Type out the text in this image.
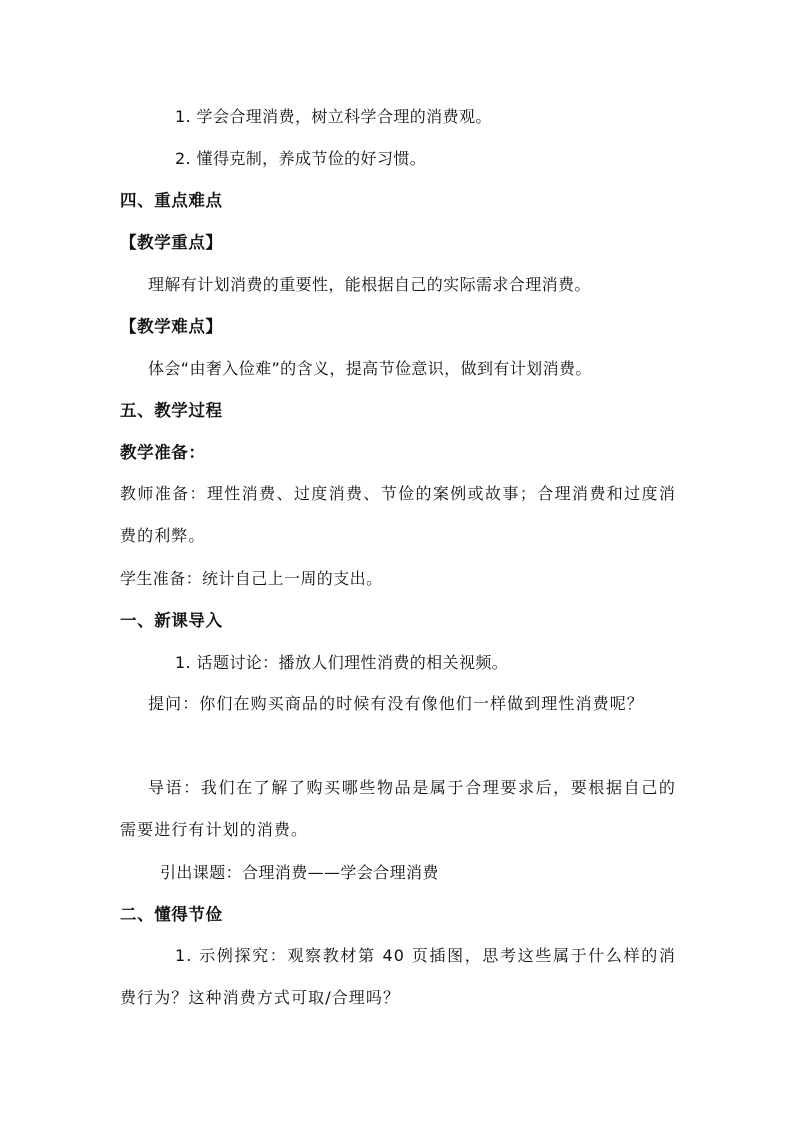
1. 学会合理消费，树立科学合理的消费观。
2. 懂得克制，养成节俭的好习惯。
四、重点难点
【教学重点】
理解有计划消费的重要性，能根据自己的实际需求合理消费。
【教学难点】
体会“由奢入俭难”的含义，提高节俭意识，做到有计划消费。
五、教学过程
教学准备：
教师准备：理性消费、过度消费、节俭的案例或故事；合理消费和过度消费的利弊。
学生准备：统计自己上一周的支出。
一、新课导入
1. 话题讨论：播放人们理性消费的相关视频。
提问：你们在购买商品的时候有没有像他们一样做到理性消费呢？
导语：我们在了解了购买哪些物品是属于合理要求后，要根据自己的需要进行有计划的消费。
引出课题：合理消费——学会合理消费
二、懂得节俭
1. 示例探究：观察教材第 40 页插图，思考这些属于什么样的消费行为？这种消费方式可取/合理吗？
